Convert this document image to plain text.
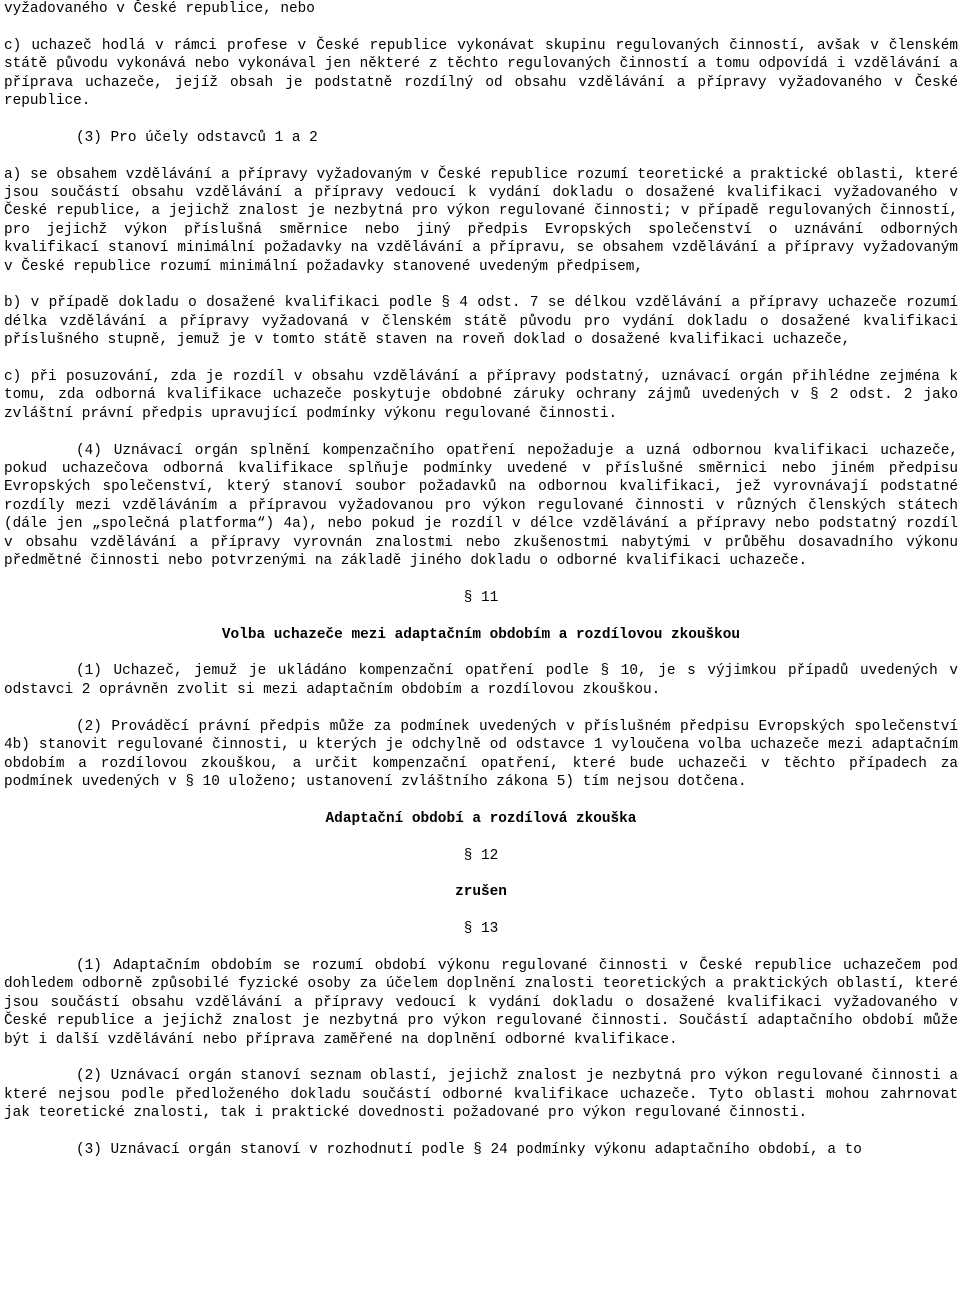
vyžadovaného v České republice, nebo

c) uchazeč hodlá v rámci profese v České republice vykonávat skupinu regulovaných činností, avšak v členském státě původu vykonává nebo vykonával jen některé z těchto regulovaných činností a tomu odpovídá i vzdělávání a příprava uchazeče, jejíž obsah je podstatně rozdílný od obsahu vzdělávání a přípravy vyžadovaného v České republice.

(3) Pro účely odstavců 1 a 2

a) se obsahem vzdělávání a přípravy vyžadovaným v České republice rozumí teoretické a praktické oblasti, které jsou součástí obsahu vzdělávání a přípravy vedoucí k vydání dokladu o dosažené kvalifikaci vyžadovaného v České republice, a jejichž znalost je nezbytná pro výkon regulované činnosti; v případě regulovaných činností, pro jejichž výkon příslušná směrnice nebo jiný předpis Evropských společenství o uznávání odborných kvalifikací stanoví minimální požadavky na vzdělávání a přípravu, se obsahem vzdělávání a přípravy vyžadovaným v České republice rozumí minimální požadavky stanovené uvedeným předpisem,

b) v případě dokladu o dosažené kvalifikaci podle § 4 odst. 7 se délkou vzdělávání a přípravy uchazeče rozumí délka vzdělávání a přípravy vyžadovaná v členském státě původu pro vydání dokladu o dosažené kvalifikaci příslušného stupně, jemuž je v tomto státě staven na roveň doklad o dosažené kvalifikaci uchazeče,

c) při posuzování, zda je rozdíl v obsahu vzdělávání a přípravy podstatný, uznávací orgán přihlédne zejména k tomu, zda odborná kvalifikace uchazeče poskytuje obdobné záruky ochrany zájmů uvedených v § 2 odst. 2 jako zvláštní právní předpis upravující podmínky výkonu regulované činnosti.

(4) Uznávací orgán splnění kompenzačního opatření nepožaduje a uzná odbornou kvalifikaci uchazeče, pokud uchazečova odborná kvalifikace splňuje podmínky uvedené v příslušné směrnici nebo jiném předpisu Evropských společenství, který stanoví soubor požadavků na odbornou kvalifikaci, jež vyrovnávají podstatné rozdíly mezi vzděláváním a přípravou vyžadovanou pro výkon regulované činnosti v různých členských státech (dále jen „společná platforma“) 4a), nebo pokud je rozdíl v délce vzdělávání a přípravy nebo podstatný rozdíl v obsahu vzdělávání a přípravy vyrovnán znalostmi nebo zkušenostmi nabytými v průběhu dosavadního výkonu předmětné činnosti nebo potvrzenými na základě jiného dokladu o odborné kvalifikaci uchazeče.

§ 11

Volba uchazeče mezi adaptačním obdobím a rozdílovou zkouškou

(1) Uchazeč, jemuž je ukládáno kompenzační opatření podle § 10, je s výjimkou případů uvedených v odstavci 2 oprávněn zvolit si mezi adaptačním obdobím a rozdílovou zkouškou.

(2) Prováděcí právní předpis může za podmínek uvedených v příslušném předpisu Evropských společenství 4b) stanovit regulované činnosti, u kterých je odchylně od odstavce 1 vyloučena volba uchazeče mezi adaptačním obdobím a rozdílovou zkouškou, a určit kompenzační opatření, které bude uchazeči v těchto případech za podmínek uvedených v § 10 uloženo; ustanovení zvláštního zákona 5) tím nejsou dotčena.

Adaptační období a rozdílová zkouška

§ 12

zrušen

§ 13

(1) Adaptačním obdobím se rozumí období výkonu regulované činnosti v České republice uchazečem pod dohledem odborně způsobilé fyzické osoby za účelem doplnění znalosti teoretických a praktických oblastí, které jsou součástí obsahu vzdělávání a přípravy vedoucí k vydání dokladu o dosažené kvalifikaci vyžadovaného v České republice a jejichž znalost je nezbytná pro výkon regulované činnosti. Součástí adaptačního období může být i další vzdělávání nebo příprava zaměřené na doplnění odborné kvalifikace.

(2) Uznávací orgán stanoví seznam oblastí, jejichž znalost je nezbytná pro výkon regulované činnosti a které nejsou podle předloženého dokladu součástí odborné kvalifikace uchazeče. Tyto oblasti mohou zahrnovat jak teoretické znalosti, tak i praktické dovednosti požadované pro výkon regulované činnosti.

(3) Uznávací orgán stanoví v rozhodnutí podle § 24 podmínky výkonu adaptačního období, a to
